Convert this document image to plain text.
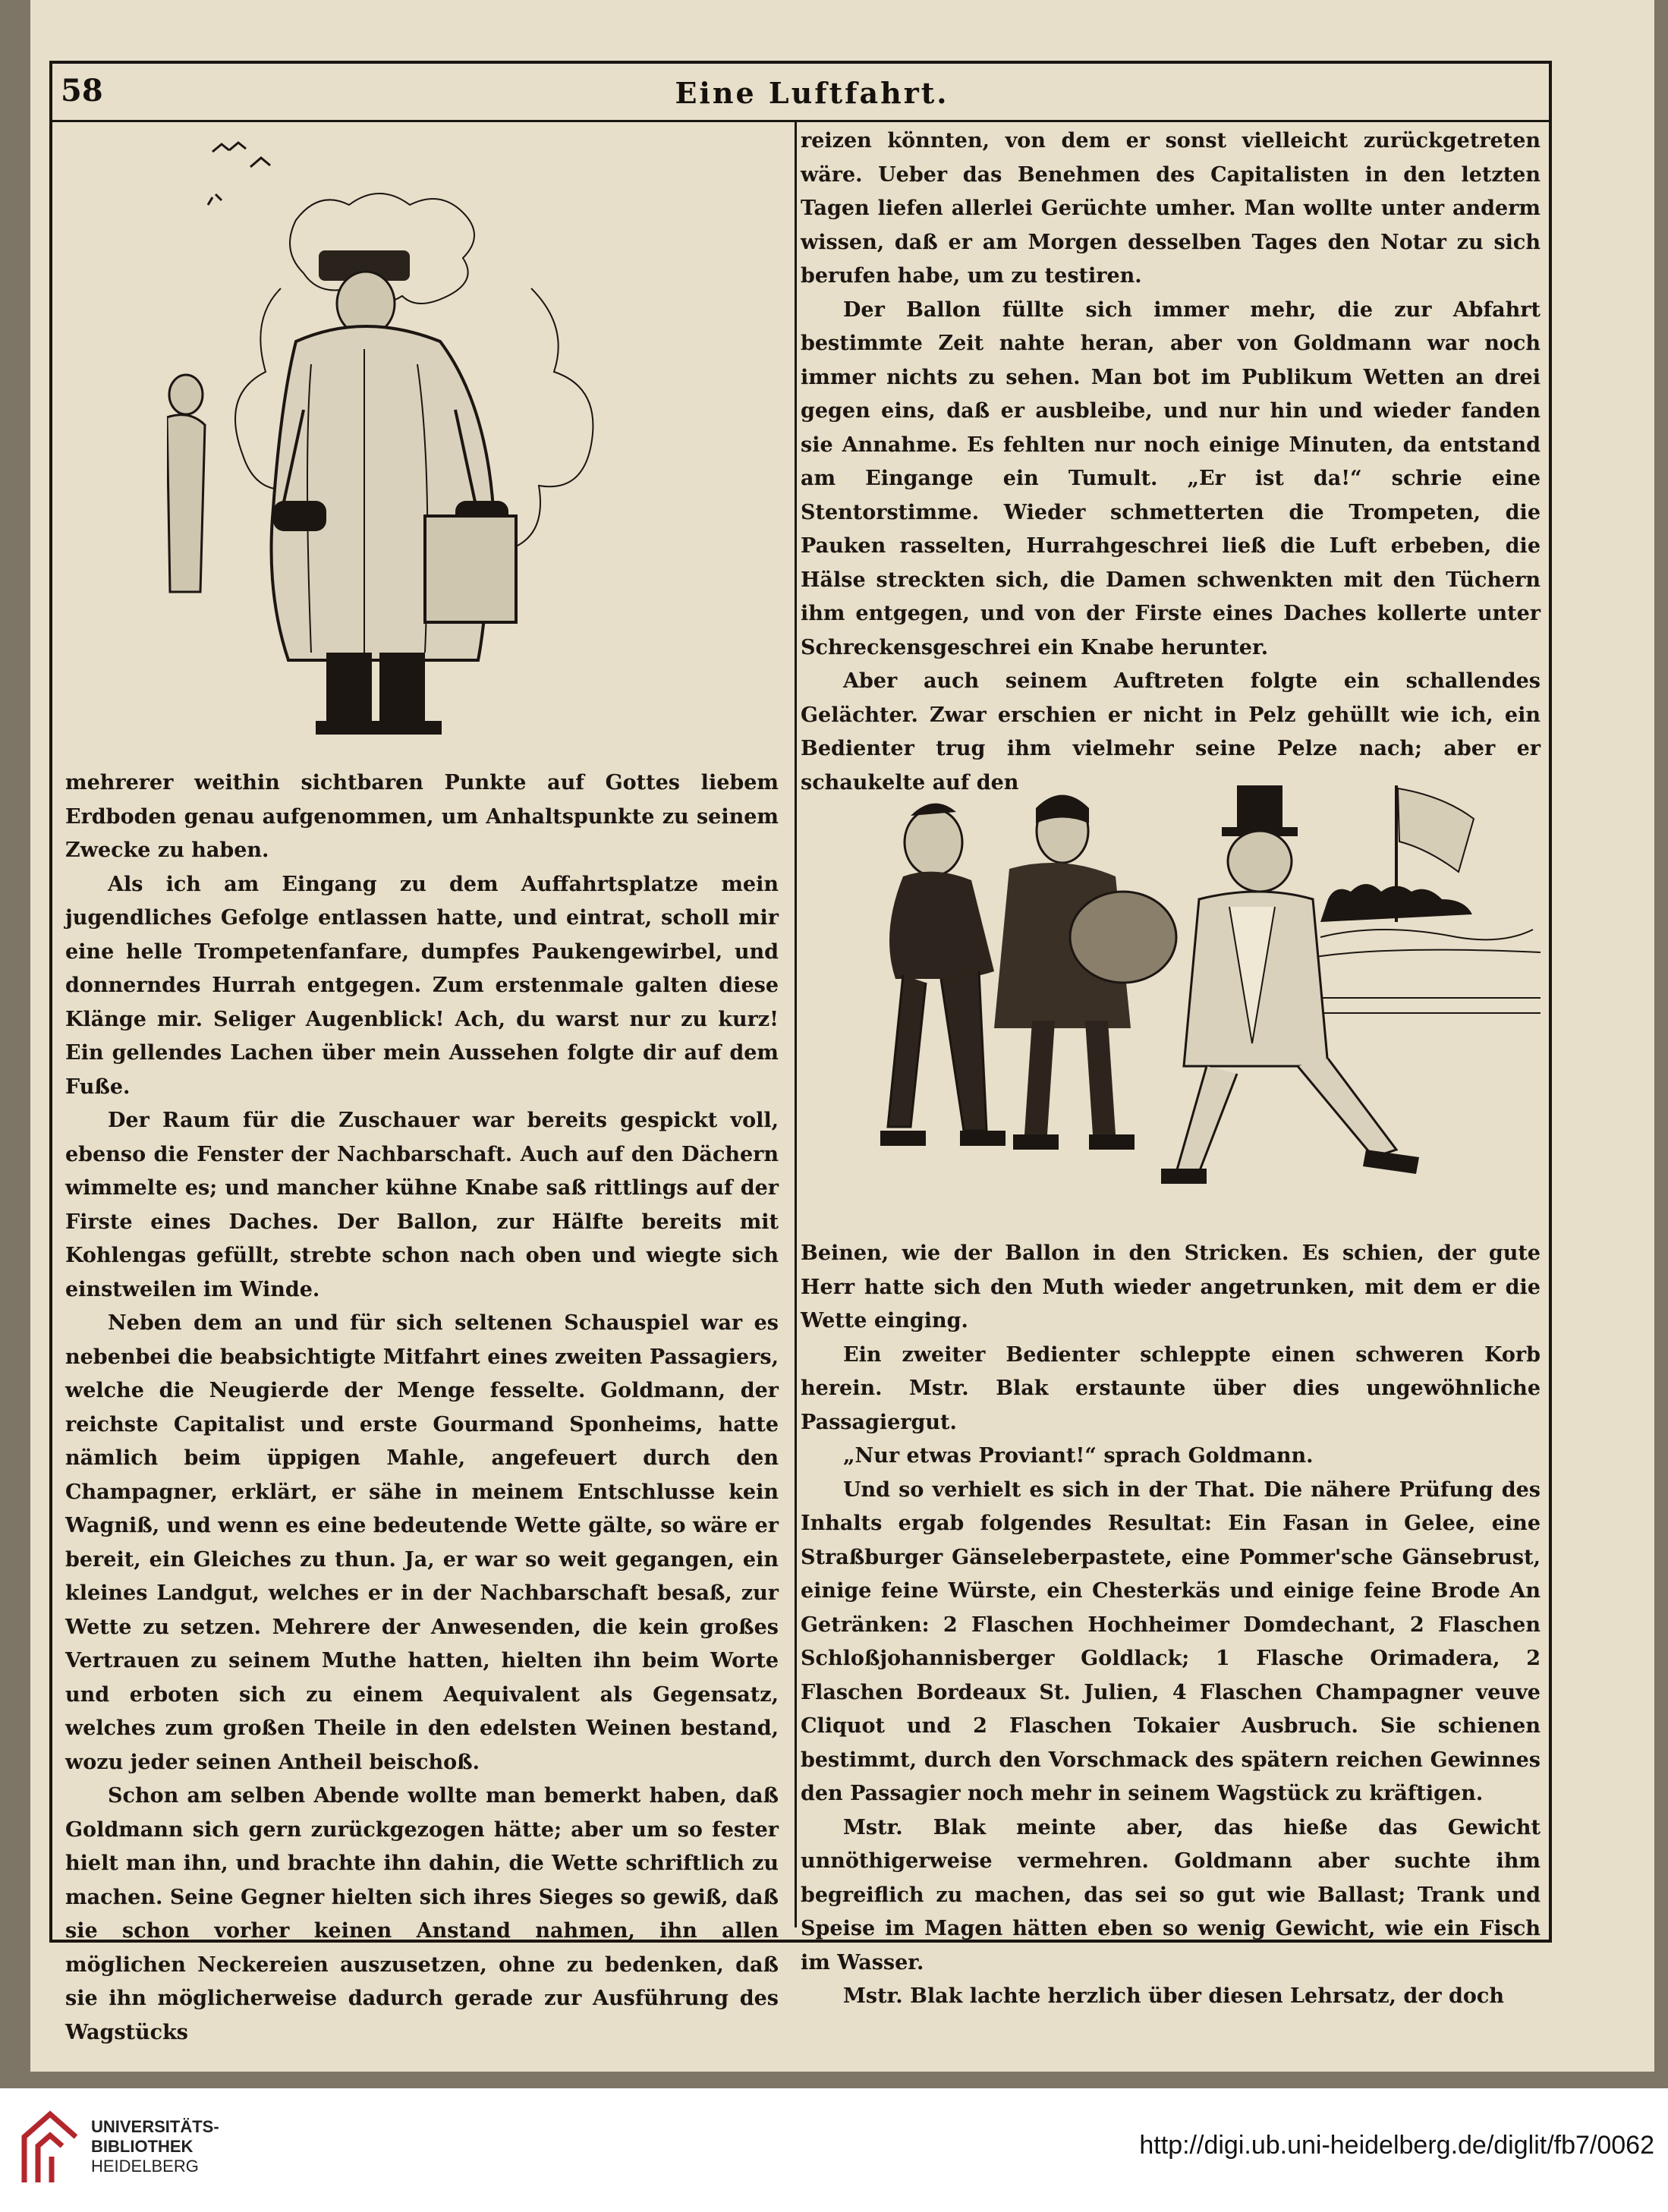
58	Eine Luftfahrt.

mehrerer weithin sichtbaren Punkte auf Gottes liebem Erdboden genau aufgenommen, um Anhaltspunkte zu seinem Zwecke zu haben.

Als ich am Eingang zu dem Auffahrtsplatze mein jugendliches Gefolge entlassen hatte, und eintrat, scholl mir eine helle Trompetenfanfare, dumpfes Paukengewirbel, und donnerndes Hurrah entgegen. Zum erstenmale galten diese Klänge mir. Seliger Augenblick! Ach, du warst nur zu kurz! Ein gellendes Lachen über mein Aussehen folgte dir auf dem Fuße.

Der Raum für die Zuschauer war bereits gespickt voll, ebenso die Fenster der Nachbarschaft. Auch auf den Dächern wimmelte es; und mancher kühne Knabe saß rittlings auf der Firste eines Daches. Der Ballon, zur Hälfte bereits mit Kohlengas gefüllt, strebte schon nach oben und wiegte sich einstweilen im Winde.

Neben dem an und für sich seltenen Schauspiel war es nebenbei die beabsichtigte Mitfahrt eines zweiten Passagiers, welche die Neugierde der Menge fesselte. Goldmann, der reichste Capitalist und erste Gourmand Sponheims, hatte nämlich beim üppigen Mahle, angefeuert durch den Champagner, erklärt, er sähe in meinem Entschlusse kein Wagniß, und wenn es eine bedeutende Wette gälte, so wäre er bereit, ein Gleiches zu thun. Ja, er war so weit gegangen, ein kleines Landgut, welches er in der Nachbarschaft besaß, zur Wette zu setzen. Mehrere der Anwesenden, die kein großes Vertrauen zu seinem Muthe hatten, hielten ihn beim Worte und erboten sich zu einem Aequivalent als Gegensatz, welches zum großen Theile in den edelsten Weinen bestand, wozu jeder seinen Antheil beischoß.

Schon am selben Abende wollte man bemerkt haben, daß Goldmann sich gern zurückgezogen hätte; aber um so fester hielt man ihn, und brachte ihn dahin, die Wette schriftlich zu machen. Seine Gegner hielten sich ihres Sieges so gewiß, daß sie schon vorher keinen Anstand nahmen, ihn allen möglichen Neckereien auszusetzen, ohne zu bedenken, daß sie ihn möglicherweise dadurch gerade zur Ausführung des Wagstücks

reizen könnten, von dem er sonst vielleicht zurückgetreten wäre. Ueber das Benehmen des Capitalisten in den letzten Tagen liefen allerlei Gerüchte umher. Man wollte unter anderm wissen, daß er am Morgen desselben Tages den Notar zu sich berufen habe, um zu testiren.

Der Ballon füllte sich immer mehr, die zur Abfahrt bestimmte Zeit nahte heran, aber von Goldmann war noch immer nichts zu sehen. Man bot im Publikum Wetten an drei gegen eins, daß er ausbleibe, und nur hin und wieder fanden sie Annahme. Es fehlten nur noch einige Minuten, da entstand am Eingange ein Tumult. „Er ist da!“ schrie eine Stentorstimme. Wieder schmetterten die Trompeten, die Pauken rasselten, Hurrahgeschrei ließ die Luft erbeben, die Hälse streckten sich, die Damen schwenkten mit den Tüchern ihm entgegen, und von der Firste eines Daches kollerte unter Schreckensgeschrei ein Knabe herunter.

Aber auch seinem Auftreten folgte ein schallendes Gelächter. Zwar erschien er nicht in Pelz gehüllt wie ich, ein Bedienter trug ihm vielmehr seine Pelze nach; aber er schaukelte auf den

Beinen, wie der Ballon in den Stricken. Es schien, der gute Herr hatte sich den Muth wieder angetrunken, mit dem er die Wette einging.

Ein zweiter Bedienter schleppte einen schweren Korb herein. Mstr. Blak erstaunte über dies ungewöhnliche Passagiergut.

„Nur etwas Proviant!“ sprach Goldmann.

Und so verhielt es sich in der That. Die nähere Prüfung des Inhalts ergab folgendes Resultat: Ein Fasan in Gelee, eine Straßburger Gänseleberpastete, eine Pommer'sche Gänsebrust, einige feine Würste, ein Chesterkäs und einige feine Brode An Getränken: 2 Flaschen Hochheimer Domdechant, 2 Flaschen Schloßjohannisberger Goldlack; 1 Flasche Orimadera, 2 Flaschen Bordeaux St. Julien, 4 Flaschen Champagner veuve Cliquot und 2 Flaschen Tokaier Ausbruch. Sie schienen bestimmt, durch den Vorschmack des spätern reichen Gewinnes den Passagier noch mehr in seinem Wagstück zu kräftigen.

Mstr. Blak meinte aber, das hieße das Gewicht unnöthigerweise vermehren. Goldmann aber suchte ihm begreiflich zu machen, das sei so gut wie Ballast; Trank und Speise im Magen hätten eben so wenig Gewicht, wie ein Fisch im Wasser.

Mstr. Blak lachte herzlich über diesen Lehrsatz, der doch

UNIVERSITÄTS-
BIBLIOTHEK
HEIDELBERG
http://digi.ub.uni-heidelberg.de/diglit/fb7/0062
